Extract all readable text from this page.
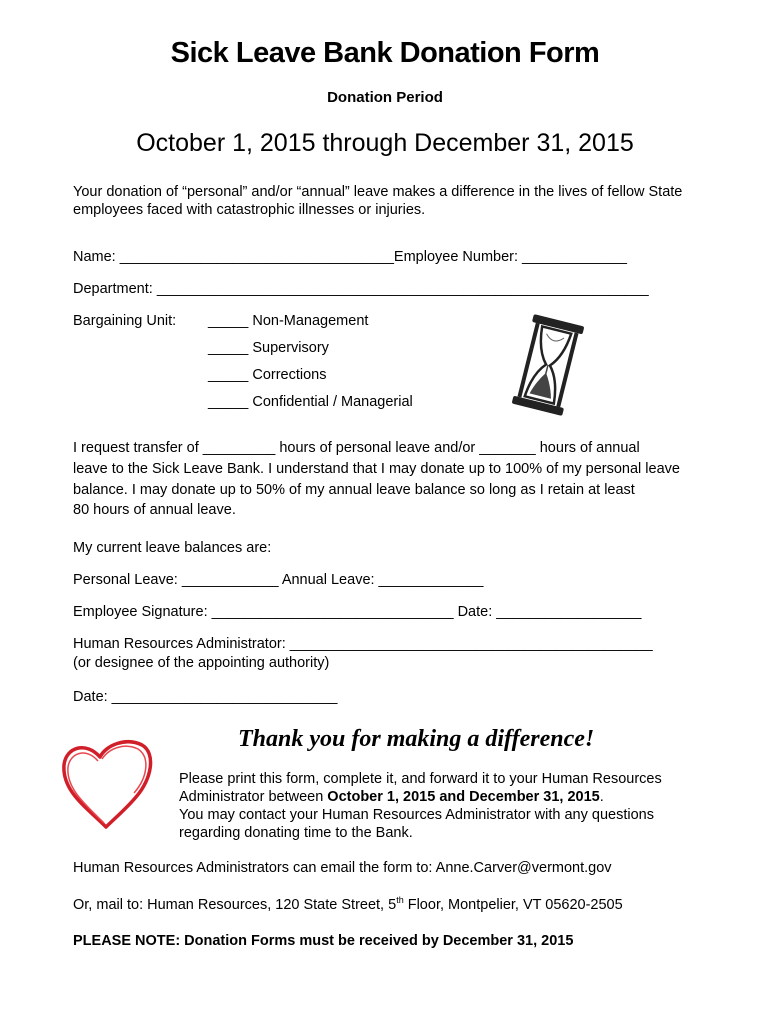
Sick Leave Bank Donation Form
Donation Period
October 1, 2015 through December 31, 2015
Your donation of “personal” and/or “annual” leave makes a difference in the lives of fellow State employees faced with catastrophic illnesses or injuries.
Name: __________________________________Employee Number: _____________
Department: _____________________________________________________________
Bargaining Unit: _____ Non-Management
_____ Supervisory
_____ Corrections
_____ Confidential / Managerial
I request transfer of _________ hours of personal leave and/or _______ hours of annual
leave to the Sick Leave Bank. I understand that I may donate up to 100% of my personal leave
balance. I may donate up to 50% of my annual leave balance so long as I retain at least
80 hours of annual leave.
My current leave balances are:
Personal Leave: ____________ Annual Leave: _____________
Employee Signature: ______________________________ Date: __________________
Human Resources Administrator: _____________________________________________
(or designee of the appointing authority)
Date: ____________________________
Thank you for making a difference!
Please print this form, complete it, and forward it to your Human Resources
Administrator between October 1, 2015 and December 31, 2015.
You may contact your Human Resources Administrator with any questions
regarding donating time to the Bank.
Human Resources Administrators can email the form to: Anne.Carver@vermont.gov
Or, mail to: Human Resources, 120 State Street, 5th Floor, Montpelier, VT 05620-2505
PLEASE NOTE: Donation Forms must be received by December 31, 2015
